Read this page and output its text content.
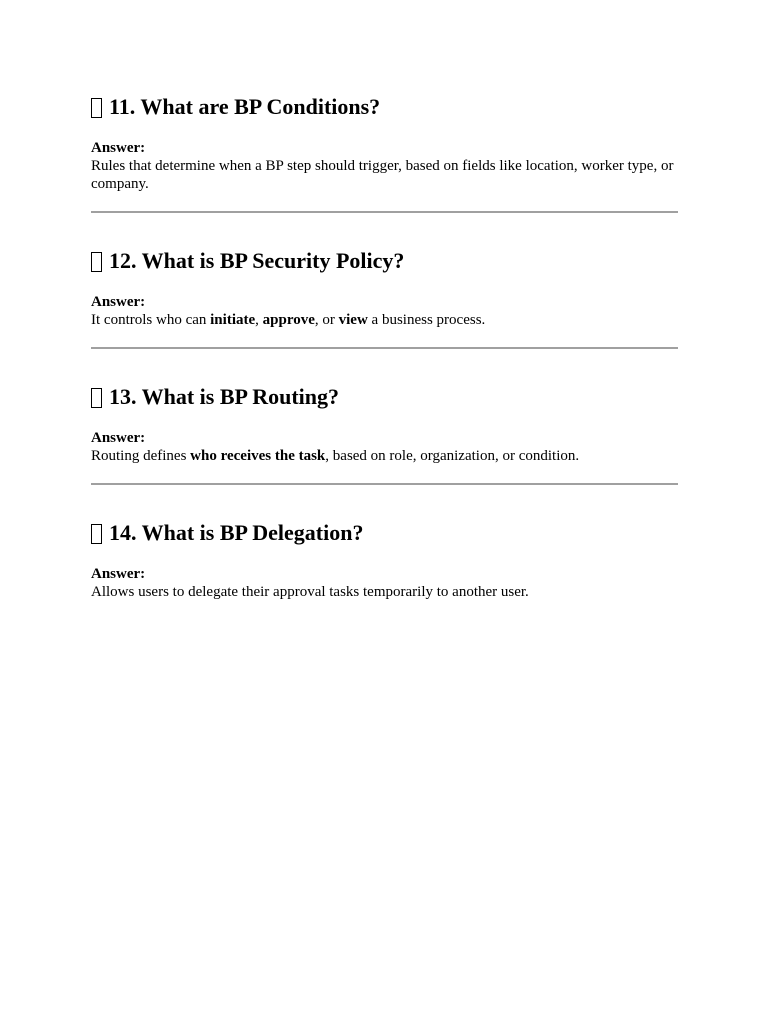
11. What are BP Conditions?
Answer:

Rules that determine when a BP step should trigger, based on fields like location, worker type, or company.

12. What is BP Security Policy?
Answer:

It controls who can initiate, approve, or view a business process.

13. What is BP Routing?
Answer:

Routing defines who receives the task, based on role, organization, or condition.

14. What is BP Delegation?
Answer:

Allows users to delegate their approval tasks temporarily to another user.
